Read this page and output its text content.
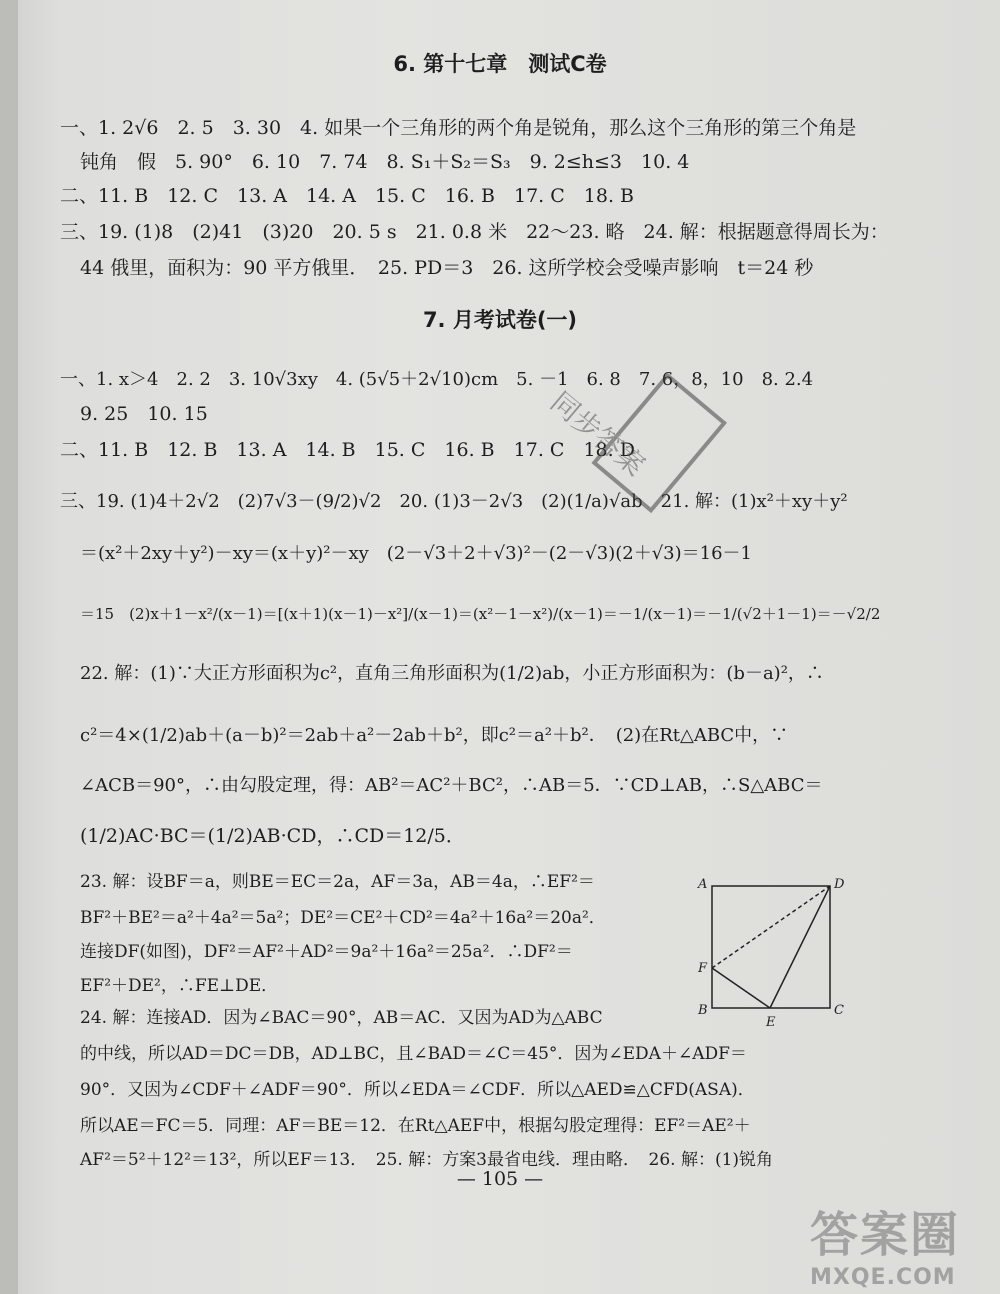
6. 第十七章　测试C卷
一、1. 2√6　2. 5　3. 30　4. 如果一个三角形的两个角是锐角，那么这个三角形的第三个角是
钝角　假　5. 90°　6. 10　7. 74　8. S₁＋S₂＝S₃　9. 2≤h≤3　10. 4
二、11. B　12. C　13. A　14. A　15. C　16. B　17. C　18. B
三、19. (1)8　(2)41　(3)20　20. 5 s　21. 0.8 米　22～23. 略　24. 解：根据题意得周长为：
44 俄里，面积为：90 平方俄里．　25. PD＝3　26. 这所学校会受噪声影响　t＝24 秒
7. 月考试卷(一)
一、1. x＞4　2. 2　3. 10√3xy　4. (5√5＋2√10)cm　5. －1　6. 8　7. 6，8，10　8. 2.4
9. 25　10. 15
二、11. B　12. B　13. A　14. B　15. C　16. B　17. C　18. D
三、19. (1)4＋2√2　(2)7√3－(9/2)√2　20. (1)3－2√3　(2)(1/a)√ab　21. 解：(1)x²＋xy＋y²
＝(x²＋2xy＋y²)－xy＝(x＋y)²－xy　(2－√3＋2＋√3)²－(2－√3)(2＋√3)＝16－1
＝15　(2)x＋1－x²/(x－1)＝[(x＋1)(x－1)－x²]/(x－1)＝(x²－1－x²)/(x－1)＝－1/(x－1)＝－1/(√2＋1－1)＝－√2/2
22. 解：(1)∵大正方形面积为c²，直角三角形面积为(1/2)ab，小正方形面积为：(b－a)²，∴
c²＝4×(1/2)ab＋(a－b)²＝2ab＋a²－2ab＋b²，即c²＝a²＋b²．　(2)在Rt△ABC中，∵
∠ACB＝90°，∴由勾股定理，得：AB²＝AC²＋BC²，∴AB＝5．∵CD⊥AB，∴S△ABC＝
(1/2)AC·BC＝(1/2)AB·CD，∴CD＝12/5．
23. 解：设BF＝a，则BE＝EC＝2a，AF＝3a，AB＝4a，∴EF²＝
BF²＋BE²＝a²＋4a²＝5a²；DE²＝CE²＋CD²＝4a²＋16a²＝20a²．
连接DF(如图)，DF²＝AF²＋AD²＝9a²＋16a²＝25a²．∴DF²＝
EF²＋DE²，∴FE⊥DE．
24. 解：连接AD．因为∠BAC＝90°，AB＝AC．又因为AD为△ABC
的中线，所以AD＝DC＝DB，AD⊥BC，且∠BAD＝∠C＝45°．因为∠EDA＋∠ADF＝
90°．又因为∠CDF＋∠ADF＝90°．所以∠EDA＝∠CDF．所以△AED≌△CFD(ASA)．
所以AE＝FC＝5．同理：AF＝BE＝12．在Rt△AEF中，根据勾股定理得：EF²＝AE²＋
AF²＝5²＋12²＝13²，所以EF＝13．　25. 解：方案3最省电线．理由略．　26. 解：(1)锐角
A	D
F
B
E
C
同步答案
— 105 —
答案圈
MXQE.COM
